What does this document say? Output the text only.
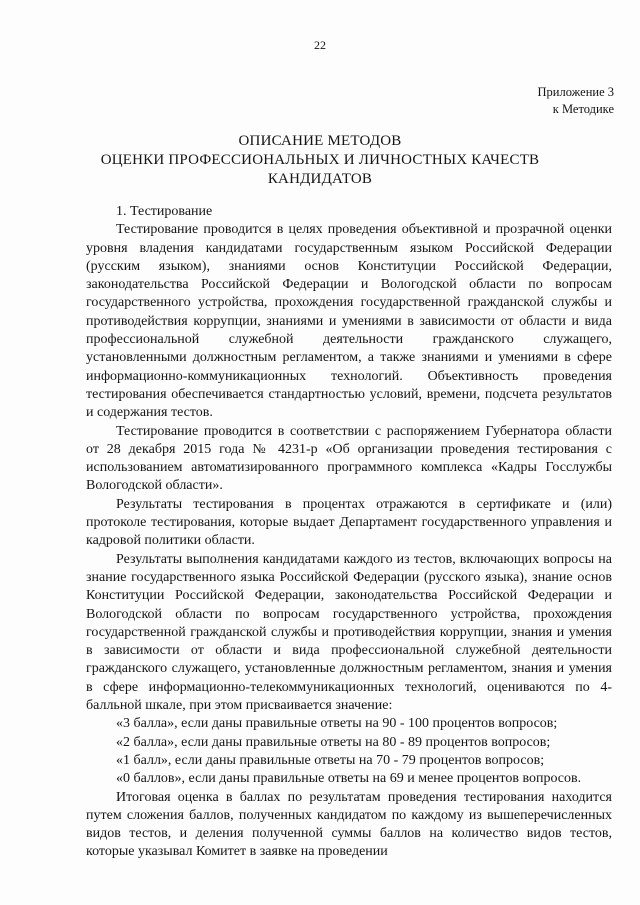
22
Приложение 3
к Методике
ОПИСАНИЕ МЕТОДОВ
ОЦЕНКИ ПРОФЕССИОНАЛЬНЫХ И ЛИЧНОСТНЫХ КАЧЕСТВ
КАНДИДАТОВ

1. Тестирование

Тестирование проводится в целях проведения объективной и прозрачной оценки уровня владения кандидатами государственным языком Российской Федерации (русским языком), знаниями основ Конституции Российской Федерации, законодательства Российской Федерации и Вологодской области по вопросам государственного устройства, прохождения государственной гражданской службы и противодействия коррупции, знаниями и умениями в зависимости от области и вида профессиональной служебной деятельности гражданского служащего, установленными должностным регламентом, а также знаниями и умениями в сфере информационно-коммуникационных технологий. Объективность проведения тестирования обеспечивается стандартностью условий, времени, подсчета результатов и содержания тестов.

Тестирование проводится в соответствии с распоряжением Губернатора области от 28 декабря 2015 года № 4231-р «Об организации проведения тестирования с использованием автоматизированного программного комплекса «Кадры Госслужбы Вологодской области».

Результаты тестирования в процентах отражаются в сертификате и (или) протоколе тестирования, которые выдает Департамент государственного управления и кадровой политики области.

Результаты выполнения кандидатами каждого из тестов, включающих вопросы на знание государственного языка Российской Федерации (русского языка), знание основ Конституции Российской Федерации, законодательства Российской Федерации и Вологодской области по вопросам государственного устройства, прохождения государственной гражданской службы и противодействия коррупции, знания и умения в зависимости от области и вида профессиональной служебной деятельности гражданского служащего, установленные должностным регламентом, знания и умения в сфере информационно-телекоммуникационных технологий, оцениваются по 4-балльной шкале, при этом присваивается значение:

«3 балла», если даны правильные ответы на 90 - 100 процентов вопросов;

«2 балла», если даны правильные ответы на 80 - 89 процентов вопросов;

«1 балл», если даны правильные ответы на 70 - 79 процентов вопросов;

«0 баллов», если даны правильные ответы на 69 и менее процентов вопросов.

Итоговая оценка в баллах по результатам проведения тестирования находится путем сложения баллов, полученных кандидатом по каждому из вышеперечисленных видов тестов, и деления полученной суммы баллов на количество видов тестов, которые указывал Комитет в заявке на проведении
